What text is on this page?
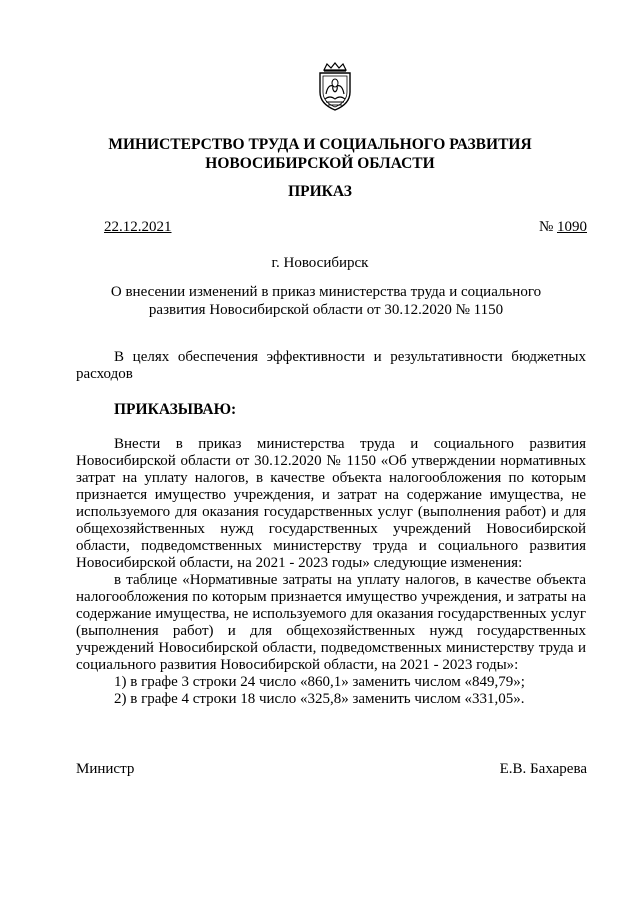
МИНИСТЕРСТВО ТРУДА И СОЦИАЛЬНОГО РАЗВИТИЯ
НОВОСИБИРСКОЙ ОБЛАСТИ
ПРИКАЗ
22.12.2021	№ 1090
г. Новосибирск
О внесении изменений в приказ министерства труда и социального
развития Новосибирской области от 30.12.2020 № 1150
В целях обеспечения эффективности и результативности бюджетных расходов
ПРИКАЗЫВАЮ:

Внести в приказ министерства труда и социального развития Новосибирской области от 30.12.2020 № 1150 «Об утверждении нормативных затрат на уплату налогов, в качестве объекта налогообложения по которым признается имущество учреждения, и затрат на содержание имущества, не используемого для оказания государственных услуг (выполнения работ) и для общехозяйственных нужд государственных учреждений Новосибирской области, подведомственных министерству труда и социального развития Новосибирской области, на 2021 - 2023 годы» следующие изменения:

в таблице «Нормативные затраты на уплату налогов, в качестве объекта налогообложения по которым признается имущество учреждения, и затраты на содержание имущества, не используемого для оказания государственных услуг (выполнения работ) и для общехозяйственных нужд государственных учреждений Новосибирской области, подведомственных министерству труда и социального развития Новосибирской области, на 2021 - 2023 годы»:

1) в графе 3 строки 24 число «860,1» заменить числом «849,79»;

2) в графе 4 строки 18 число «325,8» заменить числом «331,05».

Министр	Е.В. Бахарева
